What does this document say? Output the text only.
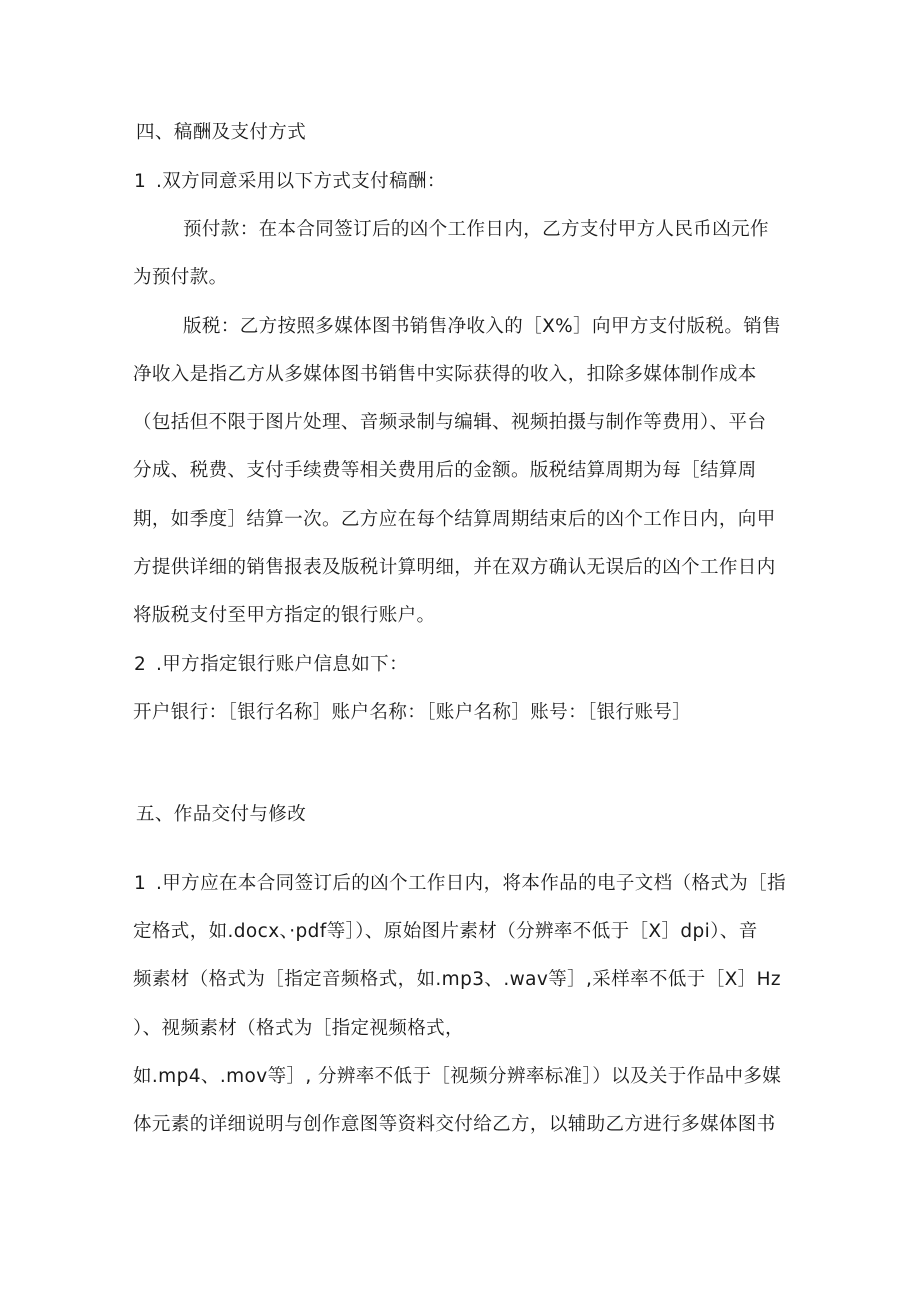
四、稿酬及支付方式
1 .双方同意采用以下方式支付稿酬：
预付款：在本合同签订后的凶个工作日内，乙方支付甲方人民币凶元作
为预付款。
版税：乙方按照多媒体图书销售净收入的［X%］向甲方支付版税。销售
净收入是指乙方从多媒体图书销售中实际获得的收入，扣除多媒体制作成本
（包括但不限于图片处理、音频录制与编辑、视频拍摄与制作等费用）、平台
分成、税费、支付手续费等相关费用后的金额。版税结算周期为每［结算周
期，如季度］结算一次。乙方应在每个结算周期结束后的凶个工作日内，向甲
方提供详细的销售报表及版税计算明细，并在双方确认无误后的凶个工作日内
将版税支付至甲方指定的银行账户。
2 .甲方指定银行账户信息如下：
开户银行：［银行名称］账户名称：［账户名称］账号：［银行账号］
五、作品交付与修改
1 .甲方应在本合同签订后的凶个工作日内，将本作品的电子文档（格式为［指
定格式，如.docx、·pdf等］）、原始图片素材（分辨率不低于［X］dpi）、音
频素材（格式为［指定音频格式，如.mp3、.wav等］,采样率不低于［X］Hz
）、视频素材（格式为［指定视频格式，
如.mp4、.mov等］, 分辨率不低于［视频分辨率标准］）以及关于作品中多媒
体元素的详细说明与创作意图等资料交付给乙方，以辅助乙方进行多媒体图书
